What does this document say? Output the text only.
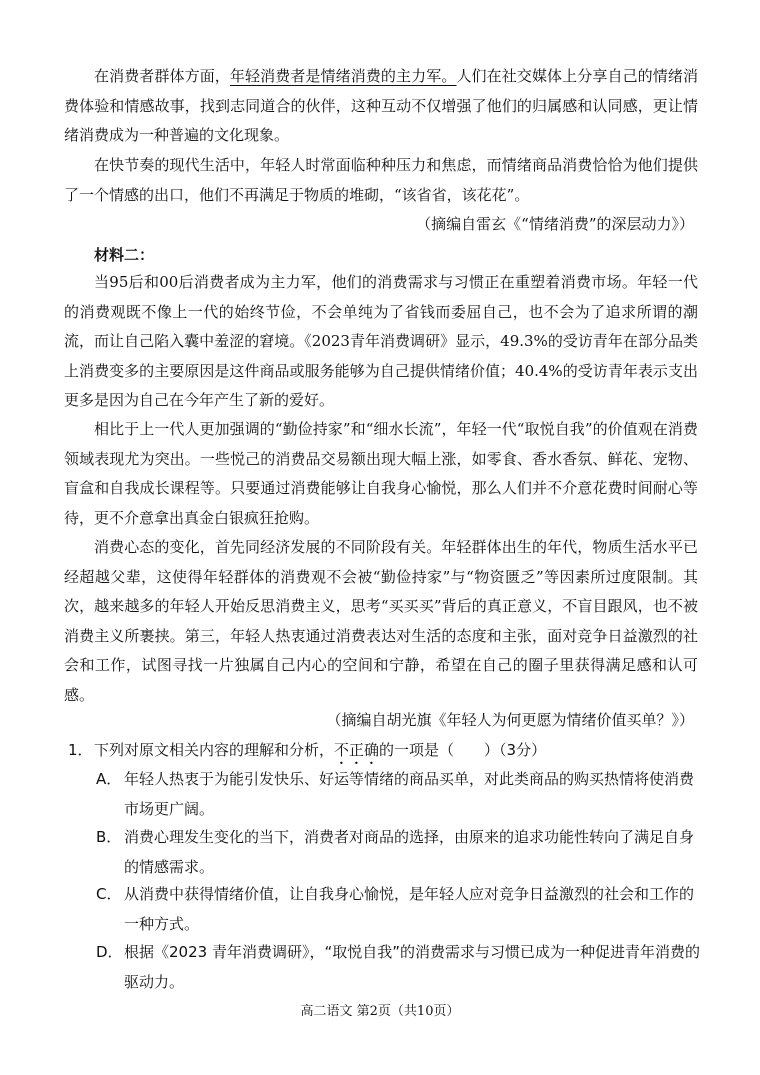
在消费者群体方面，年轻消费者是情绪消费的主力军。人们在社交媒体上分享自己的情绪消费体验和情感故事，找到志同道合的伙伴，这种互动不仅增强了他们的归属感和认同感，更让情绪消费成为一种普遍的文化现象。

在快节奏的现代生活中，年轻人时常面临种种压力和焦虑，而情绪商品消费恰恰为他们提供了一个情感的出口，他们不再满足于物质的堆砌，“该省省，该花花”。

（摘编自雷玄《“情绪消费”的深层动力》）
材料二：

当95后和00后消费者成为主力军，他们的消费需求与习惯正在重塑着消费市场。年轻一代的消费观既不像上一代的始终节俭，不会单纯为了省钱而委屈自己，也不会为了追求所谓的潮流，而让自己陷入囊中羞涩的窘境。《2023青年消费调研》显示，49.3%的受访青年在部分品类上消费变多的主要原因是这件商品或服务能够为自己提供情绪价值；40.4%的受访青年表示支出更多是因为自己在今年产生了新的爱好。

相比于上一代人更加强调的“勤俭持家”和“细水长流”，年轻一代“取悦自我”的价值观在消费领域表现尤为突出。一些悦己的消费品交易额出现大幅上涨，如零食、香水香氛、鲜花、宠物、盲盒和自我成长课程等。只要通过消费能够让自我身心愉悦，那么人们并不介意花费时间耐心等待，更不介意拿出真金白银疯狂抢购。

消费心态的变化，首先同经济发展的不同阶段有关。年轻群体出生的年代，物质生活水平已经超越父辈，这使得年轻群体的消费观不会被“勤俭持家”与“物资匮乏”等因素所过度限制。其次，越来越多的年轻人开始反思消费主义，思考“买买买”背后的真正意义，不盲目跟风，也不被消费主义所裹挟。第三，年轻人热衷通过消费表达对生活的态度和主张，面对竞争日益激烈的社会和工作，试图寻找一片独属自己内心的空间和宁静，希望在自己的圈子里获得满足感和认可感。

（摘编自胡光旗《年轻人为何更愿为情绪价值买单？》）
1．下列对原文相关内容的理解和分析，不正确的一项是（　　）（3分）

A． 年轻人热衷于为能引发快乐、好运等情绪的商品买单，对此类商品的购买热情将使消费市场更广阔。

B． 消费心理发生变化的当下，消费者对商品的选择，由原来的追求功能性转向了满足自身的情感需求。

C． 从消费中获得情绪价值，让自我身心愉悦，是年轻人应对竞争日益激烈的社会和工作的一种方式。

D．根据《2023 青年消费调研》，“取悦自我”的消费需求与习惯已成为一种促进青年消费的驱动力。

高二语文 第2页（共10页）
